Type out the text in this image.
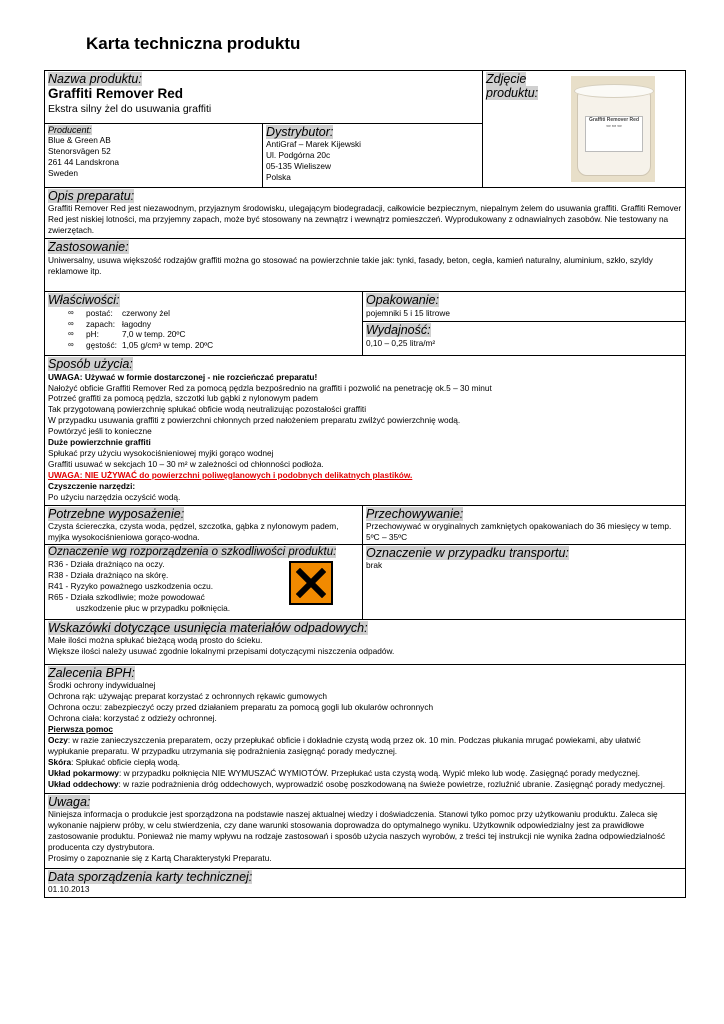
Karta techniczna produktu
Nazwa produktu:
Graffiti Remover Red
Ekstra silny żel do usuwania graffiti
Producent:
Blue & Green AB
Stenorsvägen 52
261 44 Landskrona
Sweden
Dystrybutor:
AntiGraf – Marek Kijewski
Ul. Podgórna 20c
05-135 Wieliszew
Polska
Zdjęcie produktu:
Graffiti Remover Red
▭ ▭ ▭
Opis preparatu:

Graffiti Remover Red jest niezawodnym, przyjaznym środowisku, ulegającym biodegradacji, całkowicie bezpiecznym, niepalnym żelem do usuwania graffiti. Graffiti Remover Red jest niskiej lotności, ma przyjemny zapach, może być stosowany na zewnątrz i wewnątrz pomieszczeń. Wyprodukowany z odnawialnych zasobów. Nie testowany na zwierzętach.

Zastosowanie:

Uniwersalny, usuwa większość rodzajów graffiti można go stosować na powierzchnie takie jak: tynki, fasady, beton, cegła, kamień naturalny, aluminium, szkło, szyldy reklamowe itp.

Właściwości:
∞	postać:	czerwony żel
∞	zapach: łagodny
∞	pH:	7,0 w temp. 20ºC
∞	gęstość: 1,05 g/cm³ w temp. 20ºC
Opakowanie:
pojemniki 5 i 15 litrowe
Wydajność:
0,10 – 0,25 litra/m²
Sposób użycia:
UWAGA: Używać w formie dostarczonej - nie rozcieńczać preparatu!
Nałożyć obficie Graffiti Remover Red za pomocą pędzla bezpośrednio na graffiti i pozwolić na penetrację ok.5 – 30 minut
Potrzeć graffiti za pomocą pędzla, szczotki lub gąbki z nylonowym padem
Tak przygotowaną powierzchnię spłukać obficie wodą neutralizując pozostałości graffiti
W przypadku usuwania graffiti z powierzchni chłonnych przed nałożeniem preparatu zwilżyć powierzchnię wodą.
Powtórzyć jeśli to konieczne
Duże powierzchnie graffiti
Spłukać przy użyciu wysokociśnieniowej myjki gorąco wodnej
Graffiti usuwać w sekcjach 10 – 30 m² w zależności od chłonności podłoża.
UWAGA: NIE UŻYWAĆ do powierzchni poliwęglanowych i podobnych delikatnych plastików.
Czyszczenie narzędzi:
Po użyciu narzędzia oczyścić wodą.
Potrzebne wyposażenie:

Czysta ściereczka, czysta woda, pędzel, szczotka, gąbka z nylonowym padem, myjka wysokociśnieniowa gorąco-wodna.

Przechowywanie:

Przechowywać w oryginalnych zamkniętych opakowaniach do 36 miesięcy w temp. 5ºC – 35ºC

Oznaczenie wg rozporządzenia o szkodliwości produktu:
R36 - Działa drażniąco na oczy.
R38 - Działa drażniąco na skórę.
R41 - Ryzyko poważnego uszkodzenia oczu.
R65 - Działa szkodliwie; może powodować
uszkodzenie płuc w przypadku połknięcia.
Oznaczenie w przypadku transportu:
brak
Wskazówki dotyczące usunięcia materiałów odpadowych:
Małe ilości można spłukać bieżącą wodą prosto do ścieku.
Większe ilości należy usuwać zgodnie lokalnymi przepisami dotyczącymi niszczenia odpadów.
Zalecenia BPH:
Środki ochrony indywidualnej
Ochrona rąk: używając preparat korzystać z ochronnych rękawic gumowych
Ochrona oczu: zabezpieczyć oczy przed działaniem preparatu za pomocą gogli lub okularów ochronnych
Ochrona ciała: korzystać z odzieży ochronnej.
Pierwsza pomoc

Oczy: w razie zanieczyszczenia preparatem, oczy przepłukać obficie i dokładnie czystą wodą przez ok. 10 min. Podczas płukania mrugać powiekami, aby ułatwić wypłukanie preparatu. W przypadku utrzymania się podrażnienia zasięgnąć porady medycznej.

Skóra: Spłukać obficie ciepłą wodą.

Układ pokarmowy: w przypadku połknięcia NIE WYMUSZAĆ WYMIOTÓW. Przepłukać usta czystą wodą. Wypić mleko lub wodę. Zasięgnąć porady medycznej.

Układ oddechowy: w razie podrażnienia dróg oddechowych, wyprowadzić osobę poszkodowaną na świeże powietrze, rozluźnić ubranie. Zasięgnąć porady medycznej.

Uwaga:

Niniejsza informacja o produkcie jest sporządzona na podstawie naszej aktualnej wiedzy i doświadczenia. Stanowi tylko pomoc przy użytkowaniu produktu. Zaleca się wykonanie najpierw próby, w celu stwierdzenia, czy dane warunki stosowania doprowadza do optymalnego wyniku. Użytkownik odpowiedzialny jest za prawidłowe zastosowanie produktu. Ponieważ nie mamy wpływu na rodzaje zastosowań i sposób użycia naszych wyrobów, z treści tej instrukcji nie wynika żadna odpowiedzialność producenta czy dystrybutora.

Prosimy o zapoznanie się z Kartą Charakterystyki Preparatu.

Data sporządzenia karty technicznej:
01.10.2013
